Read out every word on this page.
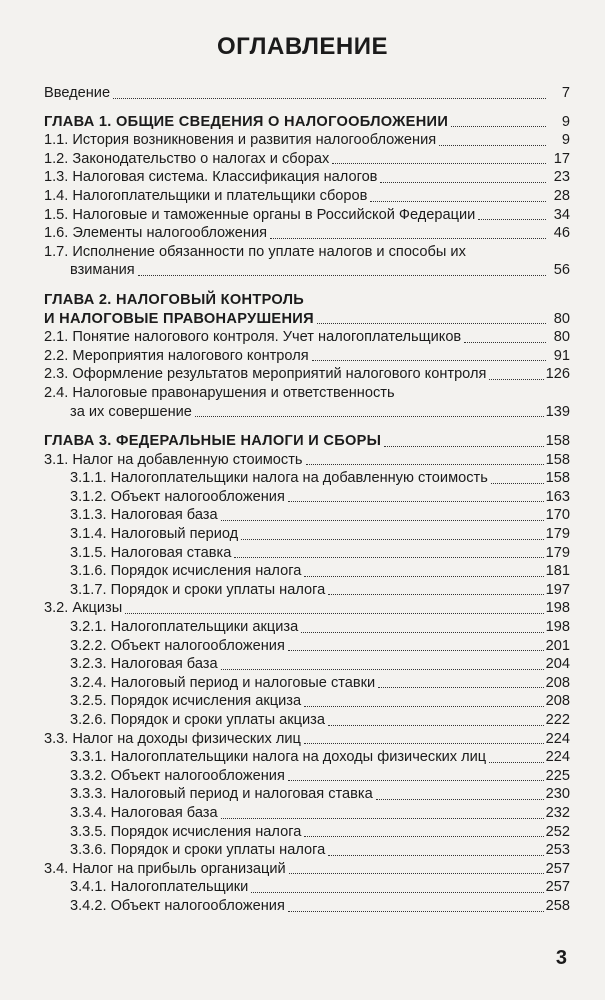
ОГЛАВЛЕНИЕ
Введение	7
ГЛАВА 1. ОБЩИЕ СВЕДЕНИЯ О НАЛОГООБЛОЖЕНИИ	9
1.1. История возникновения и развития налогообложения	9
1.2. Законодательство о налогах и сборах	17
1.3. Налоговая система. Классификация налогов	23
1.4. Налогоплательщики и плательщики сборов	28
1.5. Налоговые и таможенные органы в Российской Федерации	34
1.6. Элементы налогообложения	46
1.7. Исполнение обязанности по уплате налогов и способы их
взимания	56
ГЛАВА 2. НАЛОГОВЫЙ КОНТРОЛЬ
И НАЛОГОВЫЕ ПРАВОНАРУШЕНИЯ	80
2.1. Понятие налогового контроля. Учет налогоплательщиков	80
2.2. Мероприятия налогового контроля	91
2.3. Оформление результатов мероприятий налогового контроля	126
2.4. Налоговые правонарушения и ответственность
за их совершение	139
ГЛАВА 3. ФЕДЕРАЛЬНЫЕ НАЛОГИ И СБОРЫ	158
3.1. Налог на добавленную стоимость	158
3.1.1. Налогоплательщики налога на добавленную стоимость	158
3.1.2. Объект налогообложения	163
3.1.3. Налоговая база	170
3.1.4. Налоговый период	179
3.1.5. Налоговая ставка	179
3.1.6. Порядок исчисления налога	181
3.1.7. Порядок и сроки уплаты налога	197
3.2. Акцизы	198
3.2.1. Налогоплательщики акциза	198
3.2.2. Объект налогообложения	201
3.2.3. Налоговая база	204
3.2.4. Налоговый период и налоговые ставки	208
3.2.5. Порядок исчисления акциза	208
3.2.6. Порядок и сроки уплаты акциза	222
3.3. Налог на доходы физических лиц	224
3.3.1. Налогоплательщики налога на доходы физических лиц	224
3.3.2. Объект налогообложения	225
3.3.3. Налоговый период и налоговая ставка	230
3.3.4. Налоговая база	232
3.3.5. Порядок исчисления налога	252
3.3.6. Порядок и сроки уплаты налога	253
3.4. Налог на прибыль организаций	257
3.4.1. Налогоплательщики	257
3.4.2. Объект налогообложения	258
3
